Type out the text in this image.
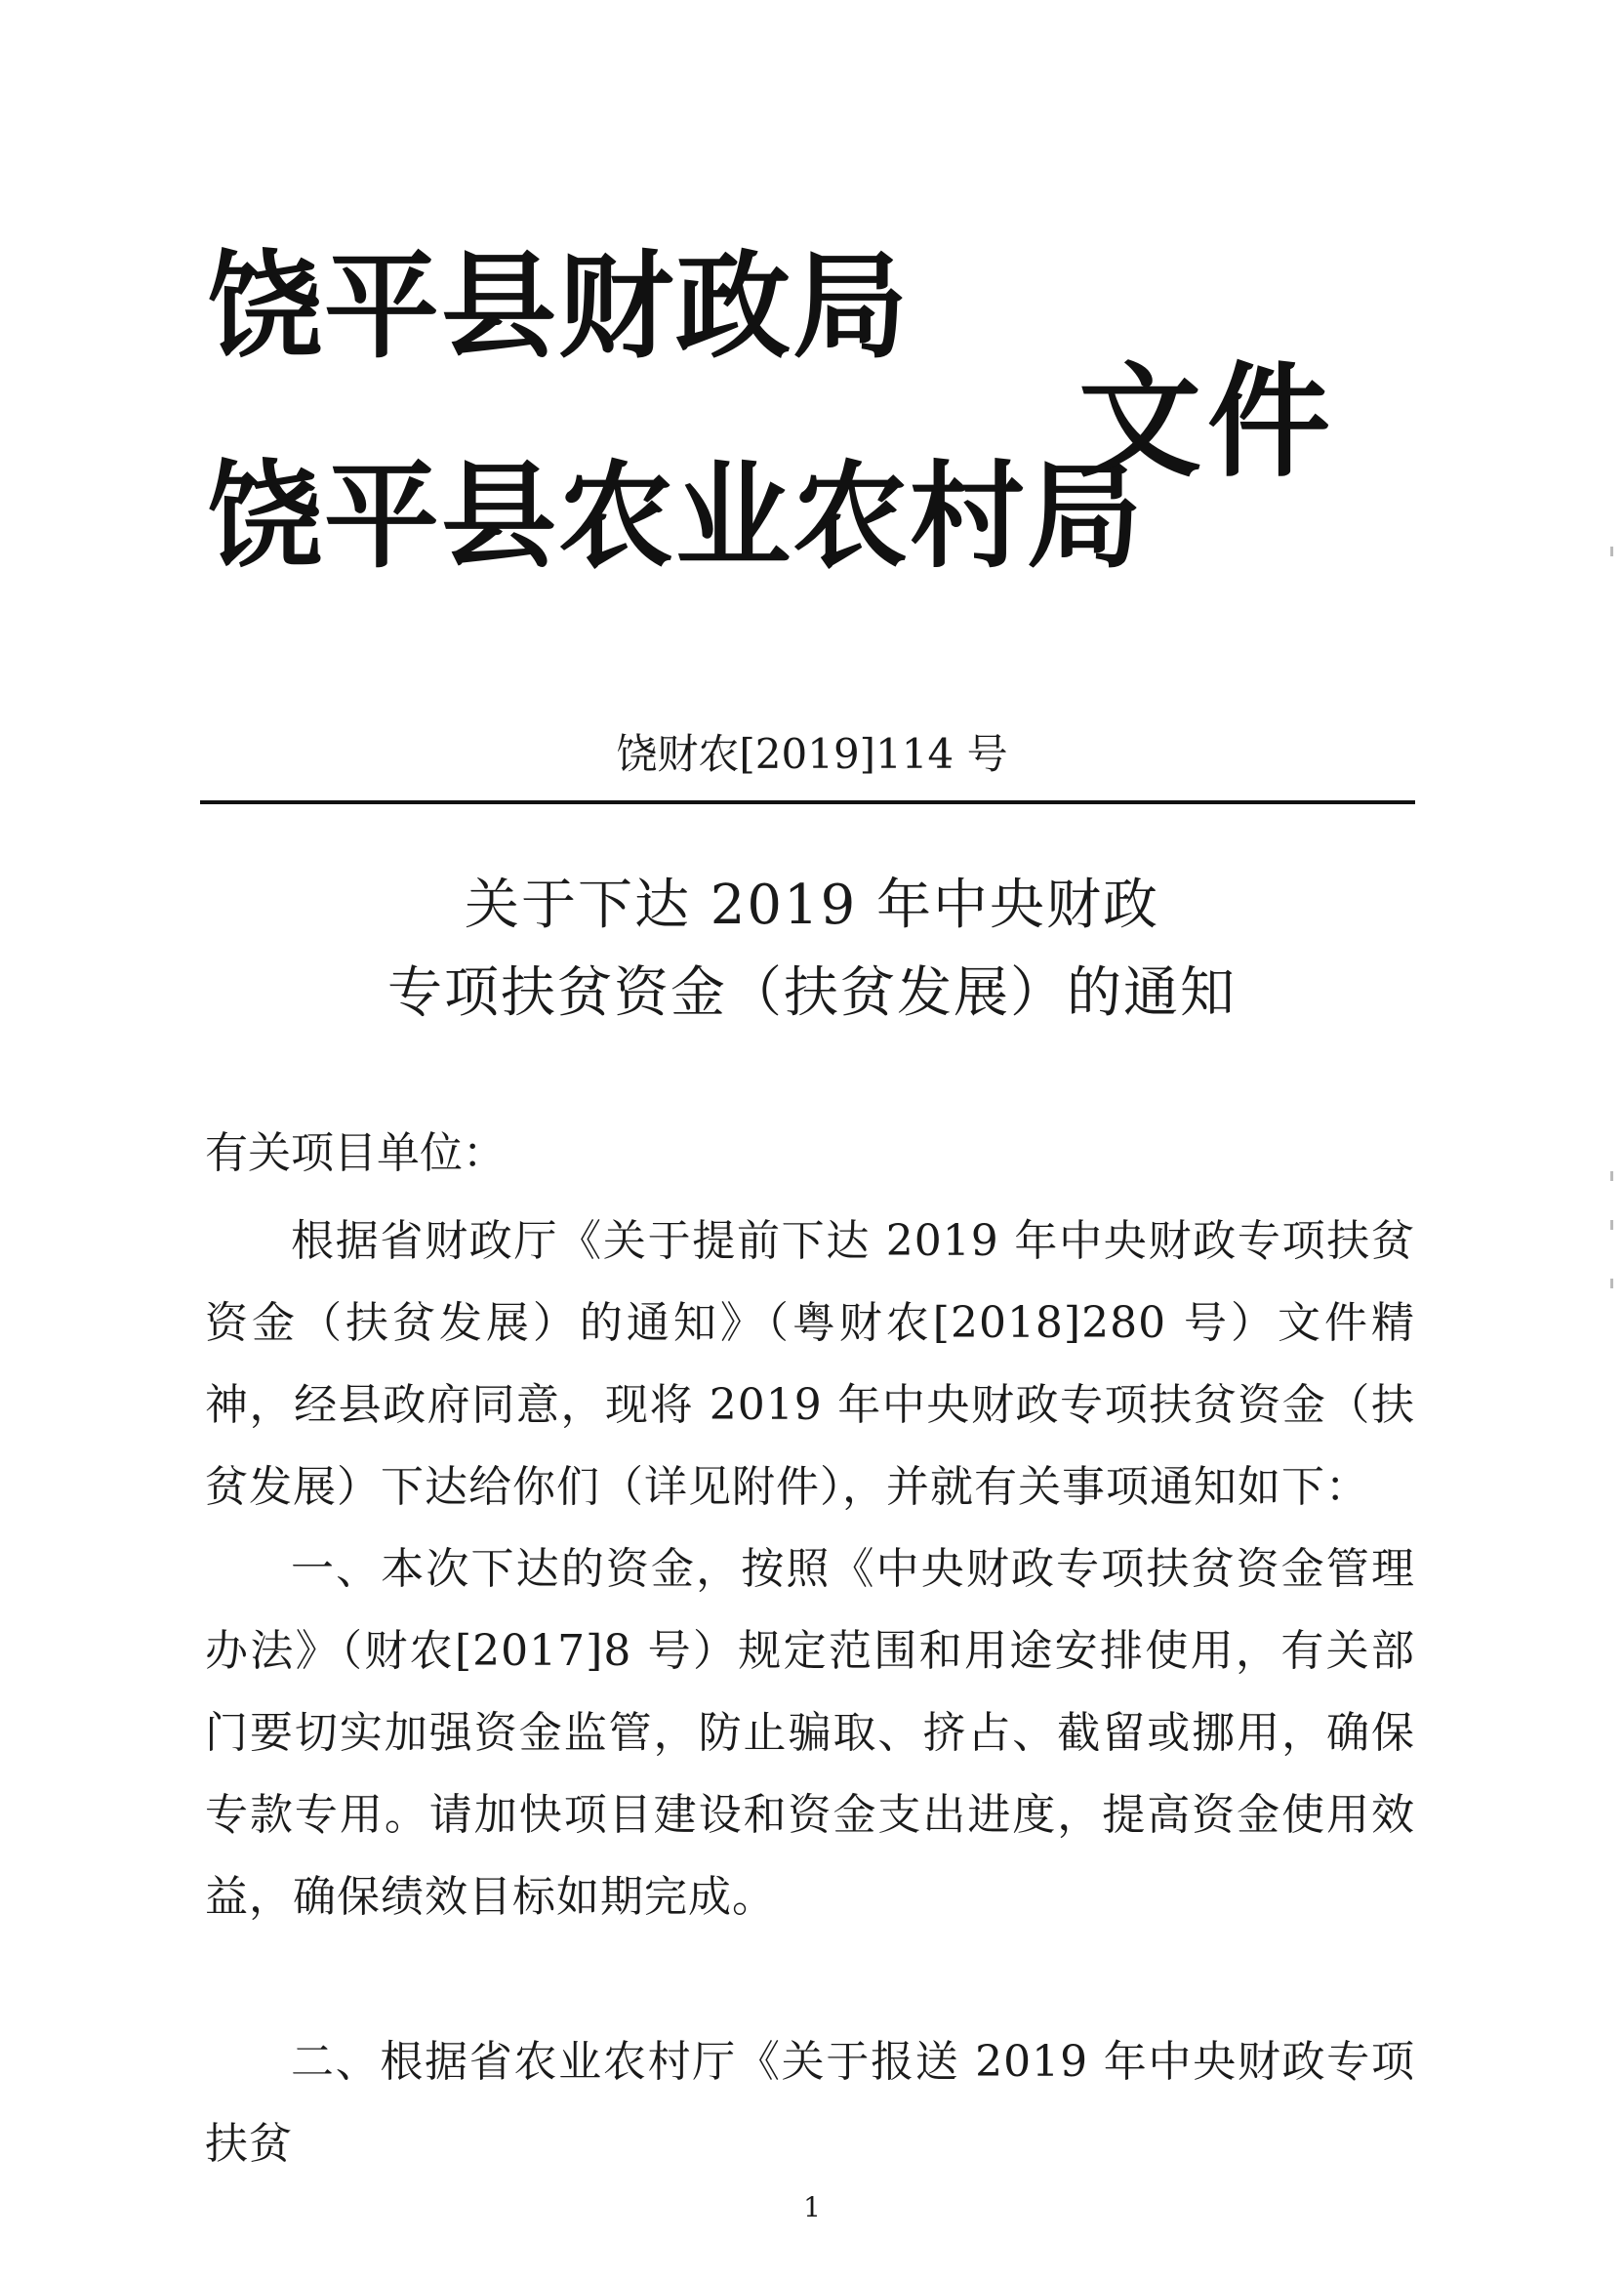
饶平县财政局
饶平县农业农村局
文件
饶财农[2019]114 号
关于下达 2019 年中央财政
专项扶贫资金（扶贫发展）的通知
有关项目单位：
根据省财政厅《关于提前下达 2019 年中央财政专项扶贫资金（扶贫发展）的通知》（粤财农[2018]280 号）文件精神，经县政府同意，现将 2019 年中央财政专项扶贫资金（扶贫发展）下达给你们（详见附件），并就有关事项通知如下：
一、本次下达的资金，按照《中央财政专项扶贫资金管理办法》（财农[2017]8 号）规定范围和用途安排使用，有关部门要切实加强资金监管，防止骗取、挤占、截留或挪用，确保专款专用。请加快项目建设和资金支出进度，提高资金使用效益，确保绩效目标如期完成。
二、根据省农业农村厅《关于报送 2019 年中央财政专项扶贫
1
